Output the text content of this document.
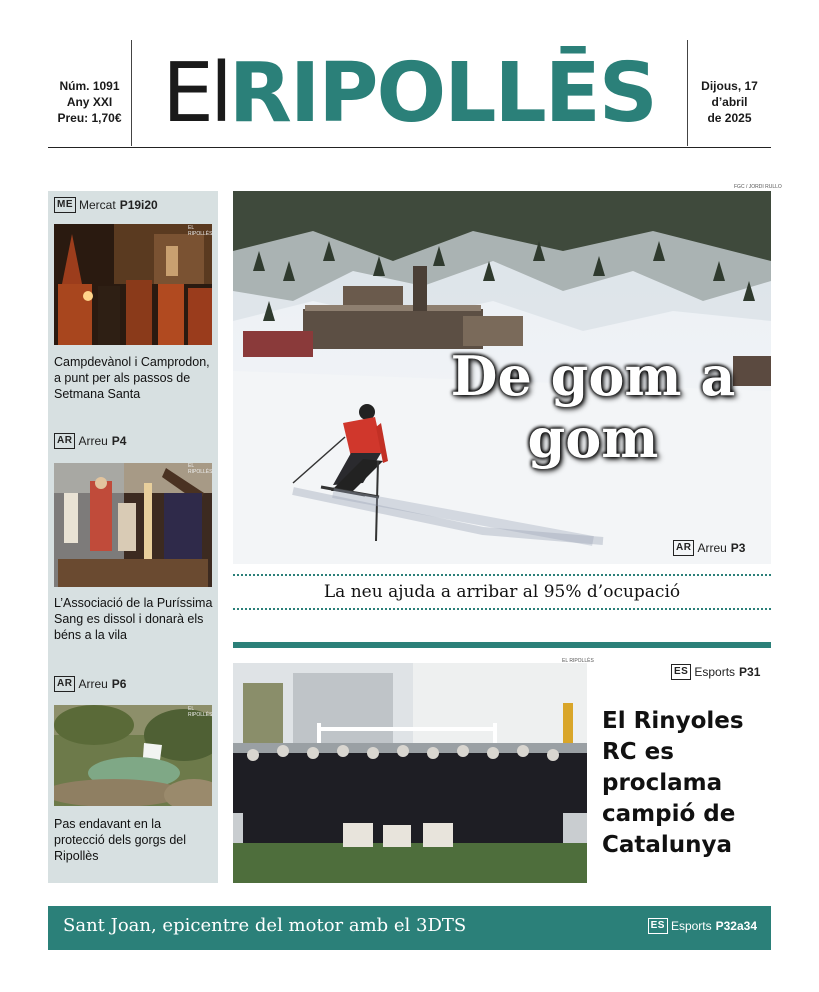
Núm. 1091
Any XXI
Preu: 1,70€ ElRIPOLLĒS	Dijous, 17
d’abril
de 2025
ME Mercat P19i20
EL RIPOLLÈS
Campdevànol i Camprodon, a punt per als passos de Setmana Santa
AR Arreu P4
EL RIPOLLÈS
L’Associació de la Puríssima Sang es dissol i donarà els béns a la vila
AR Arreu P6
EL RIPOLLÈS
Pas endavant en la protecció dels gorgs del Ripollès
FGC / JORDI RULLO
De gom a gom
AR Arreu P3
La neu ajuda a arribar al 95% d’ocupació
EL RIPOLLÈS
ES Esports P31
El Rinyoles RC es proclama campió de Catalunya
Sant Joan, epicentre del motor amb el 3DTS	ES Esports P32a34
